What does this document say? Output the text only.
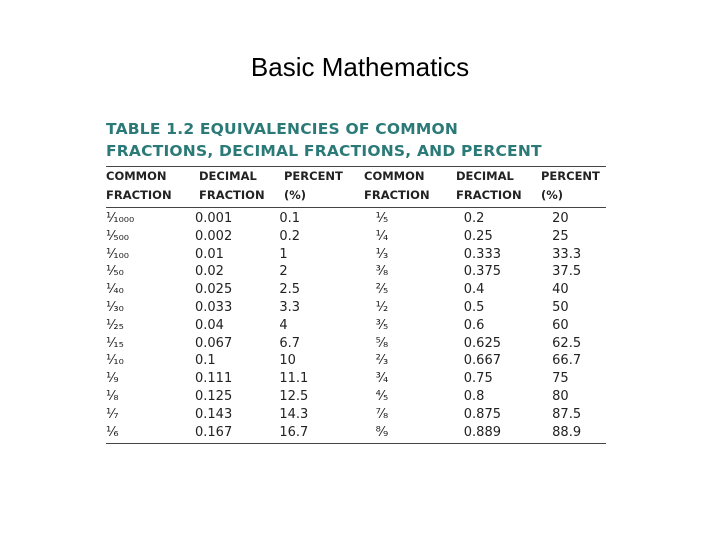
Basic Mathematics
TABLE 1.2 EQUIVALENCIES OF COMMON
FRACTIONS, DECIMAL FRACTIONS, AND PERCENT
COMMON	DECIMAL	PERCENT	COMMON	DECIMAL	PERCENT
FRACTION	FRACTION	(%)	FRACTION	FRACTION	(%)
¹⁄₁₀₀₀	0.001	0.1	¹⁄₅	0.2	20
¹⁄₅₀₀	0.002	0.2	¹⁄₄	0.25	25
¹⁄₁₀₀	0.01	1	¹⁄₃	0.333	33.3
¹⁄₅₀	0.02	2	³⁄₈	0.375	37.5
¹⁄₄₀	0.025	2.5	²⁄₅	0.4	40
¹⁄₃₀	0.033	3.3	¹⁄₂	0.5	50
¹⁄₂₅	0.04	4	³⁄₅	0.6	60
¹⁄₁₅	0.067	6.7	⁵⁄₈	0.625	62.5
¹⁄₁₀	0.1	10	²⁄₃	0.667	66.7
¹⁄₉	0.111	11.1	³⁄₄	0.75	75
¹⁄₈	0.125	12.5	⁴⁄₅	0.8	80
¹⁄₇	0.143	14.3	⁷⁄₈	0.875	87.5
¹⁄₆	0.167	16.7	⁸⁄₉	0.889	88.9
